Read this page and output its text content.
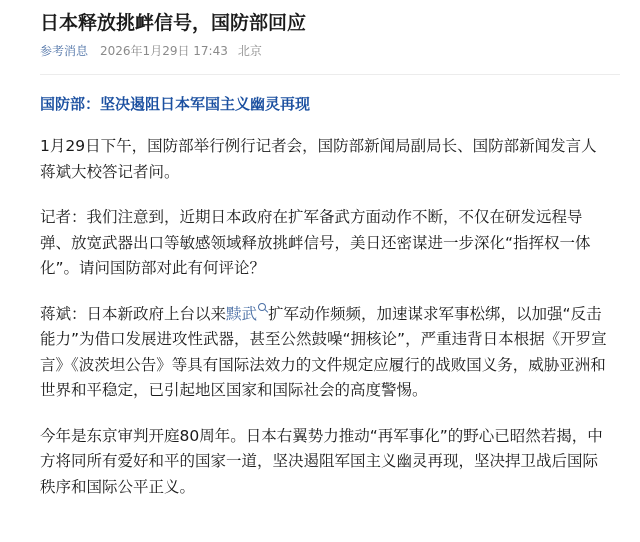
日本释放挑衅信号，国防部回应
参考消息 2026年1月29日 17:43 北京
国防部：坚决遏阻日本军国主义幽灵再现

1月29日下午，国防部举行例行记者会，国防部新闻局副局长、国防部新闻发言人蒋斌大校答记者问。

记者：我们注意到，近期日本政府在扩军备武方面动作不断，不仅在研发远程导弹、放宽武器出口等敏感领域释放挑衅信号，美日还密谋进一步深化“指挥权一体化”。请问国防部对此有何评论？

蒋斌：日本新政府上台以来黩武 扩军动作频频，加速谋求军事松绑，以加强“反击能力”为借口发展进攻性武器，甚至公然鼓噪“拥核论”，严重违背日本根据《开罗宣言》《波茨坦公告》等具有国际法效力的文件规定应履行的战败国义务，威胁亚洲和世界和平稳定，已引起地区国家和国际社会的高度警惕。

今年是东京审判开庭80周年。日本右翼势力推动“再军事化”的野心已昭然若揭，中方将同所有爱好和平的国家一道，坚决遏阻军国主义幽灵再现，坚决捍卫战后国际秩序和国际公平正义。
